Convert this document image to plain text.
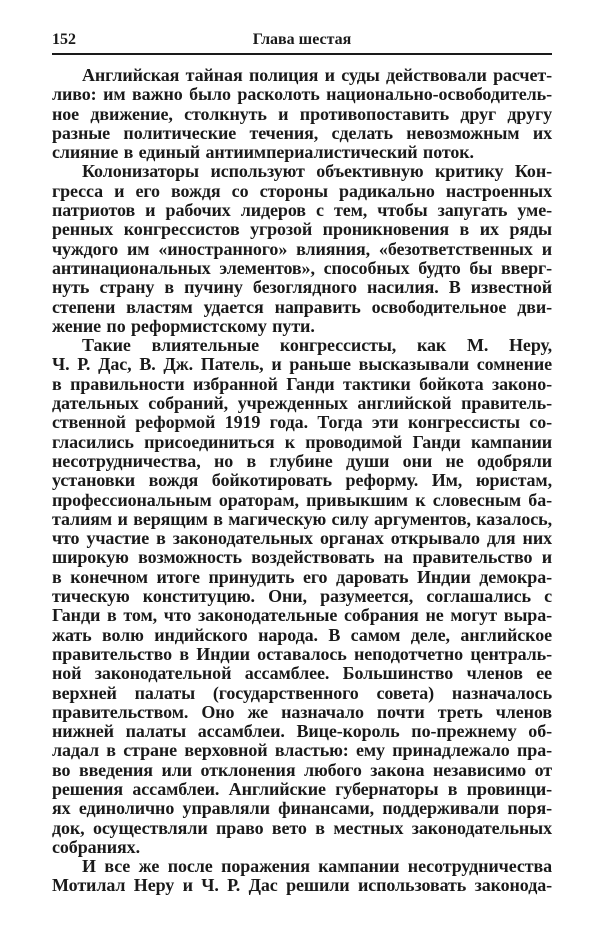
152	Глава шестая
Английская тайная полиция и суды действовали расчет-
ливо: им важно было расколоть национально-освободитель-
ное движение, столкнуть и противопоставить друг другу
разные политические течения, сделать невозможным их
слияние в единый антиимпериалистический поток.
Колонизаторы используют объективную критику Кон-
гресса и его вождя со стороны радикально настроенных
патриотов и рабочих лидеров с тем, чтобы запугать уме-
ренных конгрессистов угрозой проникновения в их ряды
чуждого им «иностранного» влияния, «безответственных и
антинациональных элементов», способных будто бы вверг-
нуть страну в пучину безоглядного насилия. В известной
степени властям удается направить освободительное дви-
жение по реформистскому пути.
Такие влиятельные конгрессисты, как М. Неру,
Ч. Р. Дас, В. Дж. Патель, и раньше высказывали сомнение
в правильности избранной Ганди тактики бойкота законо-
дательных собраний, учрежденных английской правитель-
ственной реформой 1919 года. Тогда эти конгрессисты со-
гласились присоединиться к проводимой Ганди кампании
несотрудничества, но в глубине души они не одобряли
установки вождя бойкотировать реформу. Им, юристам,
профессиональным ораторам, привыкшим к словесным ба-
талиям и верящим в магическую силу аргументов, казалось,
что участие в законодательных органах открывало для них
широкую возможность воздействовать на правительство и
в конечном итоге принудить его даровать Индии демокра-
тическую конституцию. Они, разумеется, соглашались с
Ганди в том, что законодательные собрания не могут выра-
жать волю индийского народа. В самом деле, английское
правительство в Индии оставалось неподотчетно централь-
ной законодательной ассамблее. Большинство членов ее
верхней палаты (государственного совета) назначалось
правительством. Оно же назначало почти треть членов
нижней палаты ассамблеи. Вице-король по-прежнему об-
ладал в стране верховной властью: ему принадлежало пра-
во введения или отклонения любого закона независимо от
решения ассамблеи. Английские губернаторы в провинци-
ях единолично управляли финансами, поддерживали поря-
док, осуществляли право вето в местных законодательных
собраниях.
И все же после поражения кампании несотрудничества
Мотилал Неру и Ч. Р. Дас решили использовать законода-
